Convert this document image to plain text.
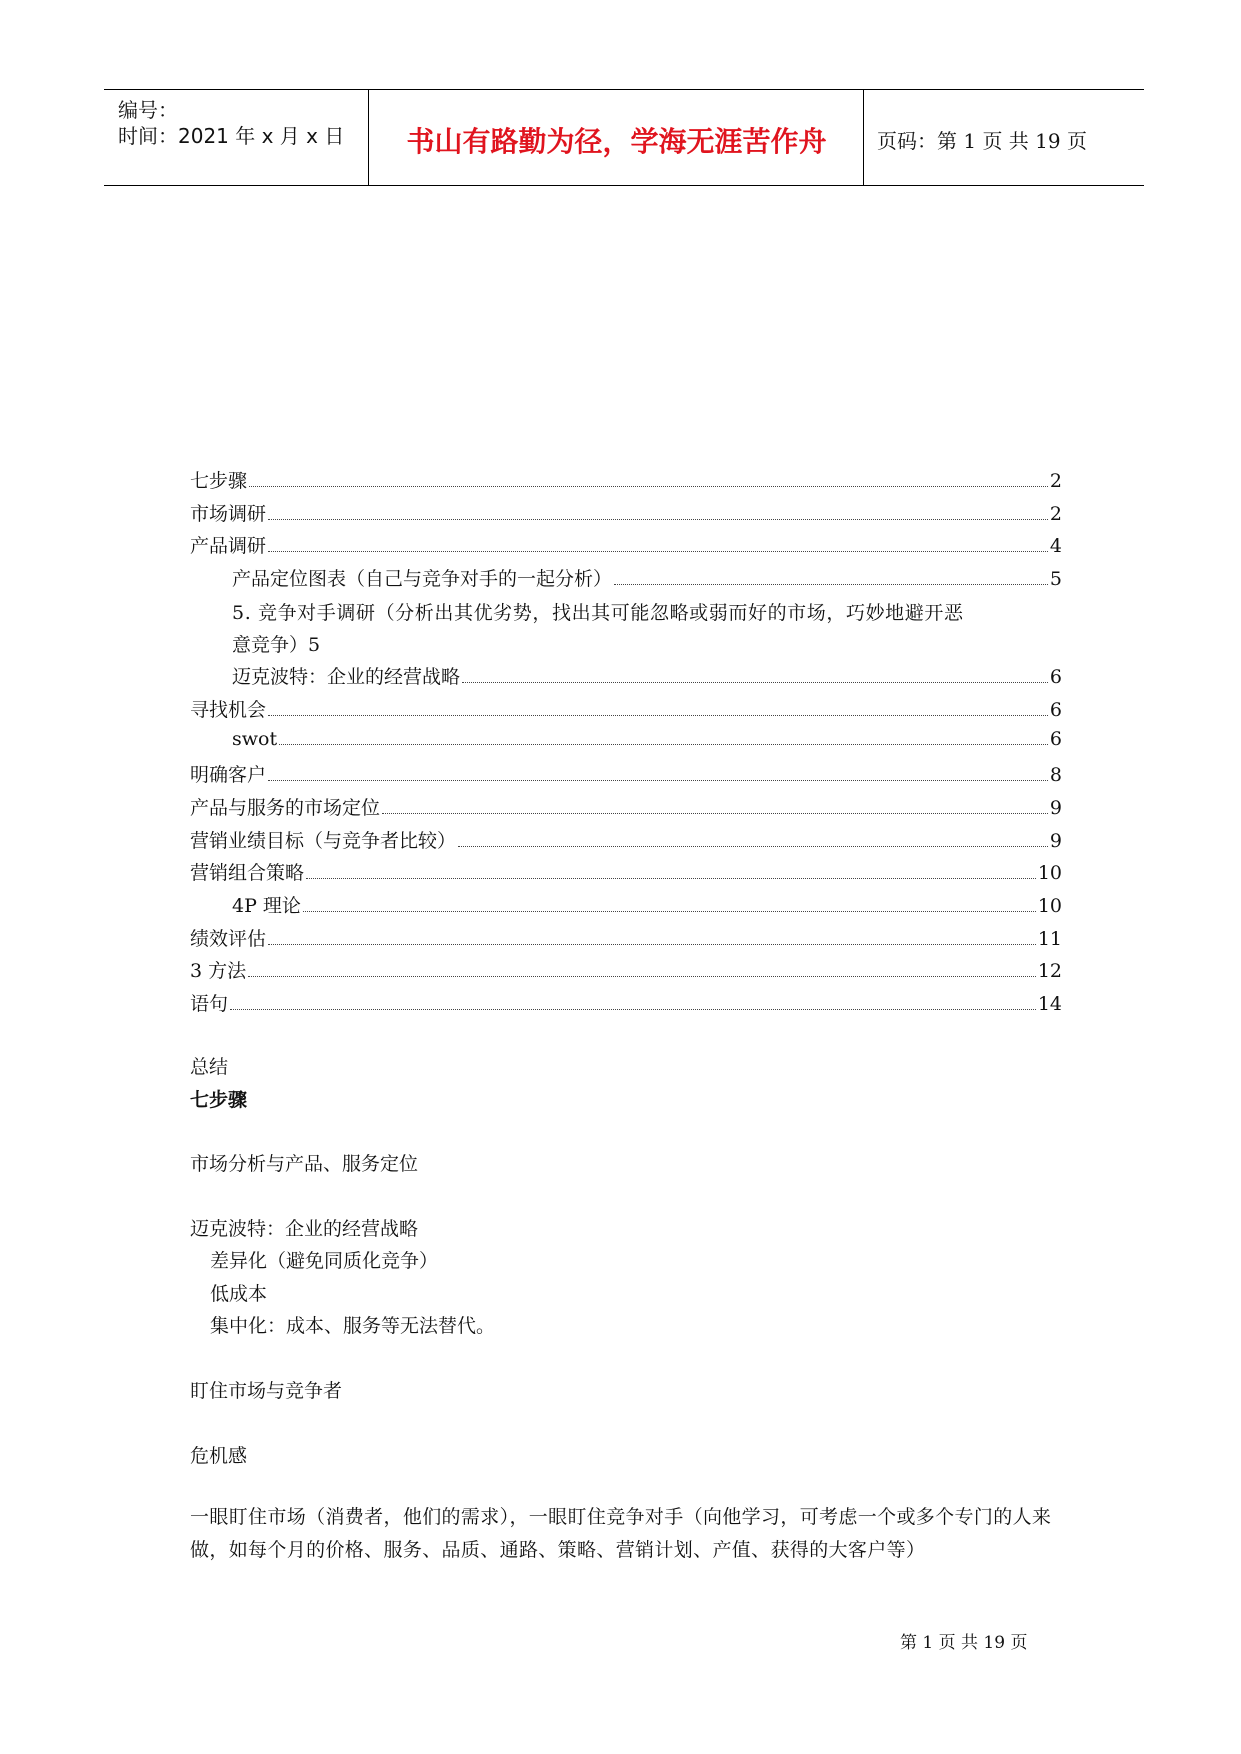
编号：
时间：2021 年 x 月 x 日	书山有路勤为径，学海无涯苦作舟	页码：第 1 页 共 19 页
七步骤	2
市场调研	2
产品调研	4
产品定位图表（自己与竞争对手的一起分析）	5
5. 竞争对手调研（分析出其优劣势，找出其可能忽略或弱而好的市场，巧妙地避开恶
意竞争） 5
迈克波特：企业的经营战略	6
寻找机会	6
swot	6
明确客户	8
产品与服务的市场定位	9
营销业绩目标（与竞争者比较）	9
营销组合策略	10
4P 理论	10
绩效评估	11
3 方法	12
语句	14
总结
七步骤
市场分析与产品、服务定位
迈克波特：企业的经营战略
差异化（避免同质化竞争）
低成本
集中化：成本、服务等无法替代。
盯住市场与竞争者
危机感
一眼盯住市场（消费者，他们的需求），一眼盯住竞争对手（向他学习，可考虑一个或多个专门的人来做，如每个月的价格、服务、品质、通路、策略、营销计划、产值、获得的大客户等）
第 1 页 共 19 页
